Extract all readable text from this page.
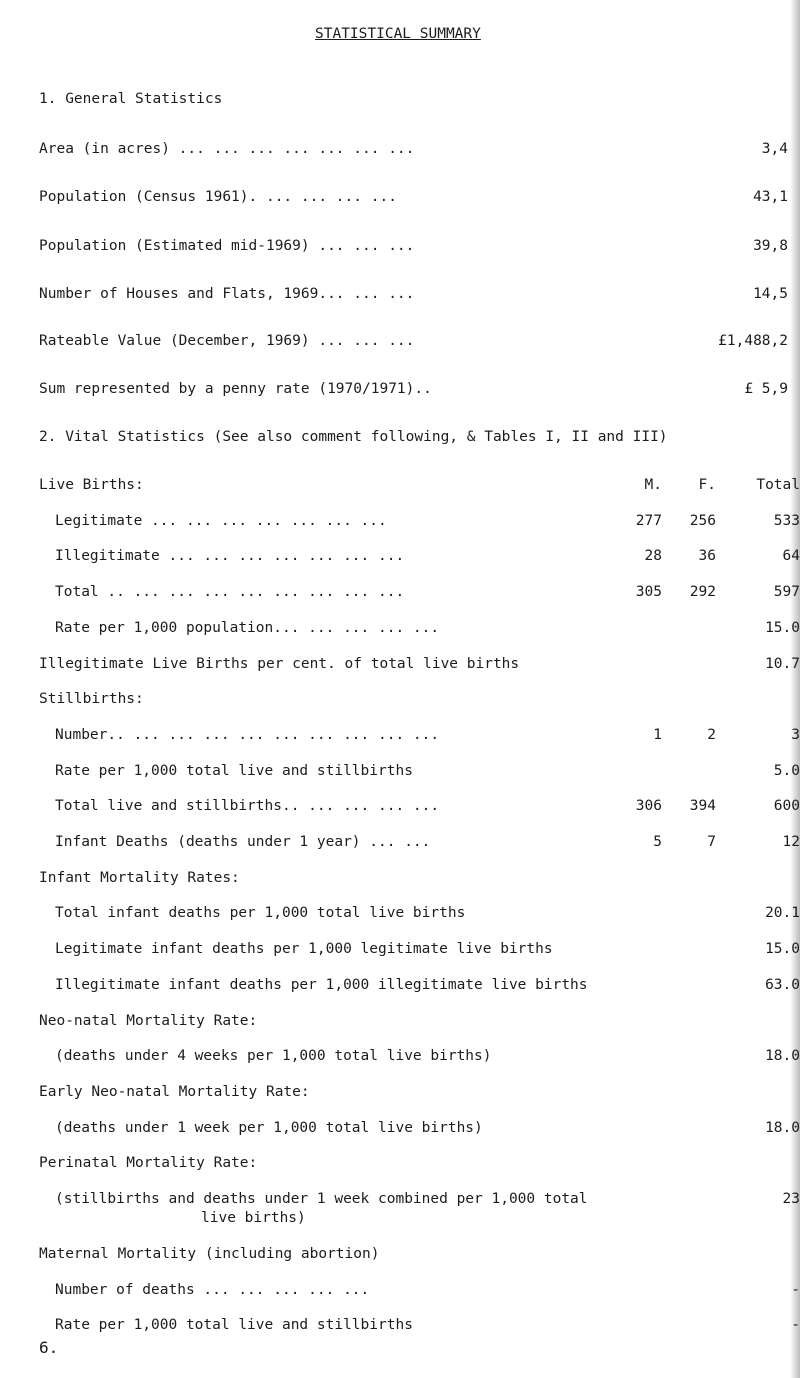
STATISTICAL SUMMARY
1. General Statistics
Area (in acres) ... ... ... ... ... ... ...	3,4
Population (Census 1961). ... ... ... ...	43,1
Population (Estimated mid-1969) ... ... ...	39,8
Number of Houses and Flats, 1969... ... ...	14,5
Rateable Value (December, 1969) ... ... ...	£1,488,2
Sum represented by a penny rate (1970/1971)..	£ 5,9
2. Vital Statistics (See also comment following, & Tables I, II and III)
Live Births:	M.	F.	Total
Legitimate ... ... ... ... ... ... ...	277 256	533
Illegitimate ... ... ... ... ... ... ...	28	36	64
Total .. ... ... ... ... ... ... ... ...	305 292	597
Rate per 1,000 population... ... ... ... ...	15.0
Illegitimate Live Births per cent. of total live births	10.7
Stillbirths:
Number.. ... ... ... ... ... ... ... ... ...	1	2	3
Rate per 1,000 total live and stillbirths	5.0
Total live and stillbirths.. ... ... ... ...	306 394	600
Infant Deaths (deaths under 1 year) ... ...	5	7	12
Infant Mortality Rates:
Total infant deaths per 1,000 total live births	20.1
Legitimate infant deaths per 1,000 legitimate live births	15.0
Illegitimate infant deaths per 1,000 illegitimate live births	63.0
Neo-natal Mortality Rate:
(deaths under 4 weeks per 1,000 total live births)	18.0
Early Neo-natal Mortality Rate:
6.
(deaths under 1 week per 1,000 total live births)	18.0
Perinatal Mortality Rate:
(stillbirths and deaths under 1 week combined per 1,000 total	23
live births)
Maternal Mortality (including abortion)
Number of deaths ... ... ... ... ...	-
Rate per 1,000 total live and stillbirths	-
